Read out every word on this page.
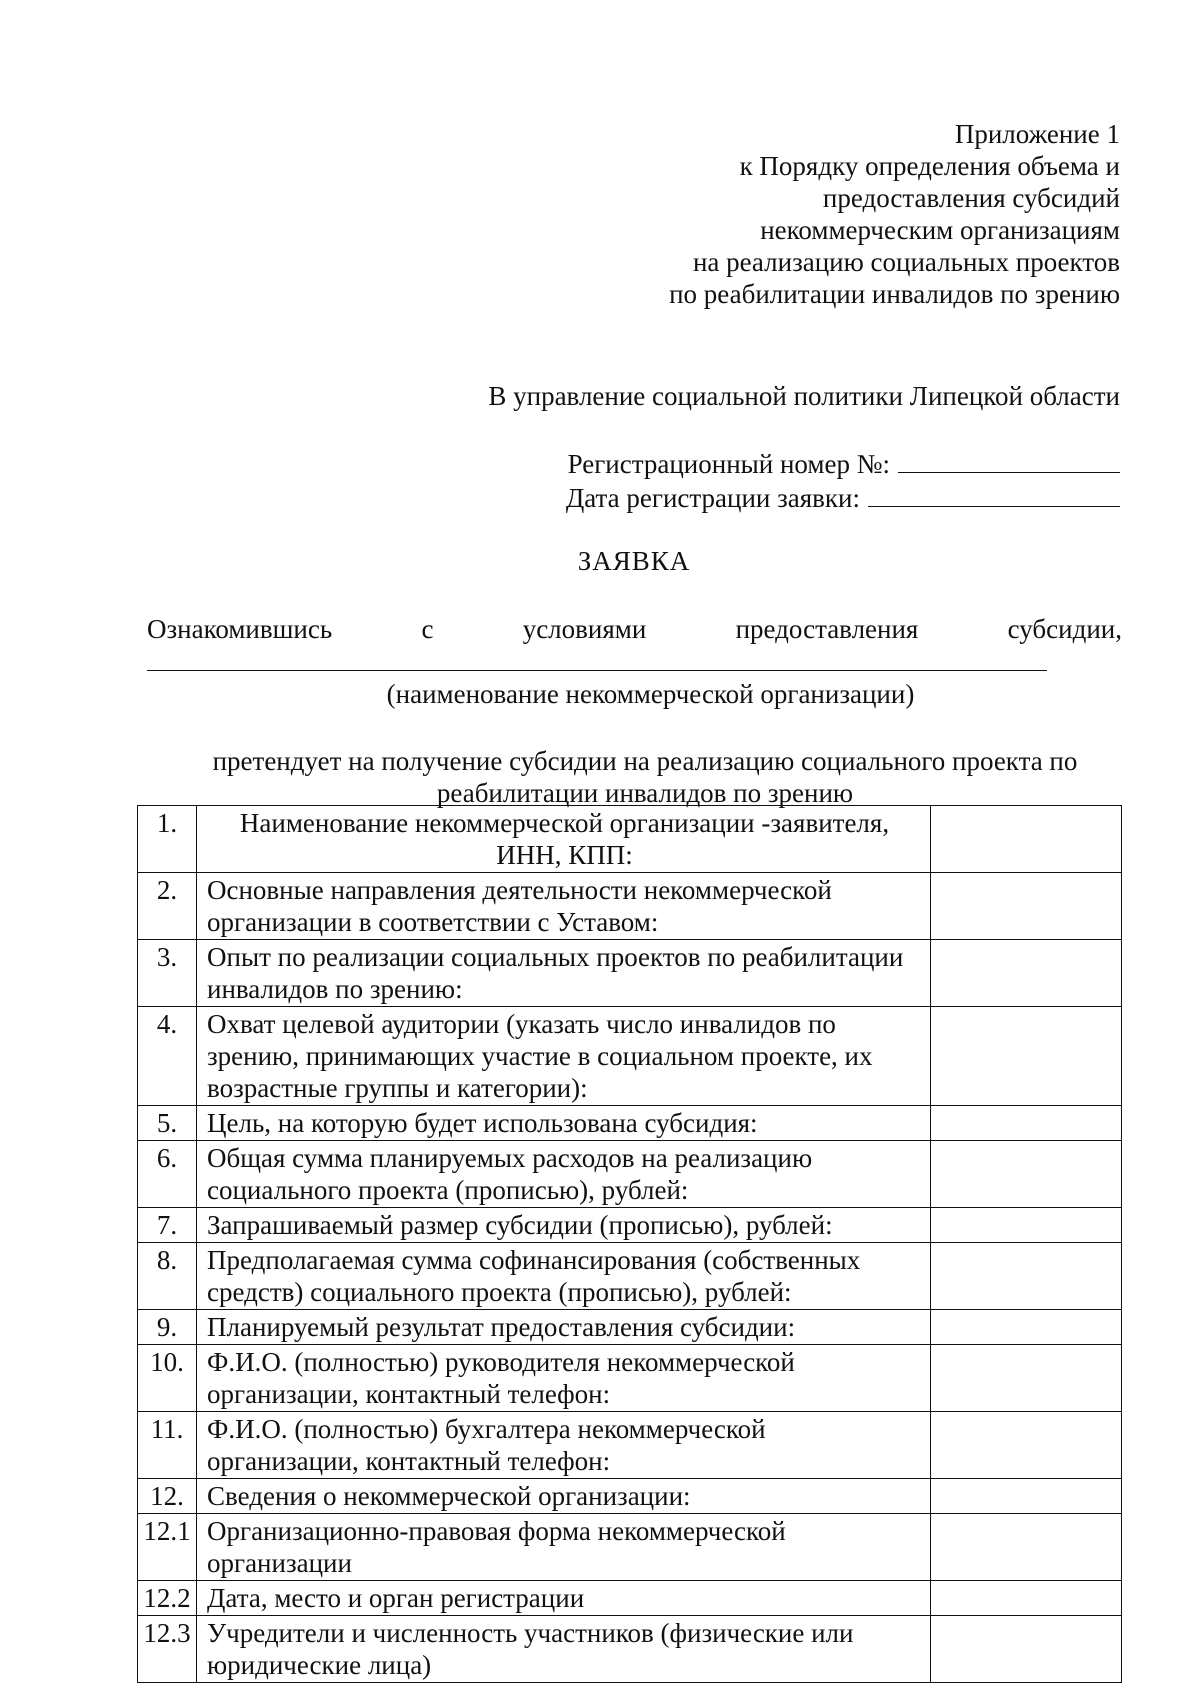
Приложение 1
к Порядку определения объема и
предоставления субсидий
некоммерческим организациям
на реализацию социальных проектов
по реабилитации инвалидов по зрению
В управление социальной политики Липецкой области
Регистрационный номер №:
Дата регистрации заявки:
ЗАЯВКА
Ознакомившись	с	условиями	предоставления	субсидии,
(наименование некоммерческой организации)
претендует на получение субсидии на реализацию социального проекта по
реабилитации инвалидов по зрению
1.	Наименование некоммерческой организации -заявителя, ИНН, КПП:	
2.	Основные направления деятельности некоммерческой организации в соответствии с Уставом:	
3.	Опыт по реализации социальных проектов по реабилитации инвалидов по зрению:	
4.	Охват целевой аудитории (указать число инвалидов по зрению, принимающих участие в социальном проекте, их возрастные группы и категории):	
5.	Цель, на которую будет использована субсидия:	
6.	Общая сумма планируемых расходов на реализацию социального проекта (прописью), рублей:	
7.	Запрашиваемый размер субсидии (прописью), рублей:	
8.	Предполагаемая сумма софинансирования (собственных средств) социального проекта (прописью), рублей:	
9.	Планируемый результат предоставления субсидии:	
10.	Ф.И.О. (полностью) руководителя некоммерческой организации, контактный телефон:	
11.	Ф.И.О. (полностью) бухгалтера некоммерческой организации, контактный телефон:	
12.	Сведения о некоммерческой организации:	
12.1	Организационно-правовая форма некоммерческой организации	
12.2	Дата, место и орган регистрации	
12.3	Учредители и численность участников (физические или юридические лица)	
